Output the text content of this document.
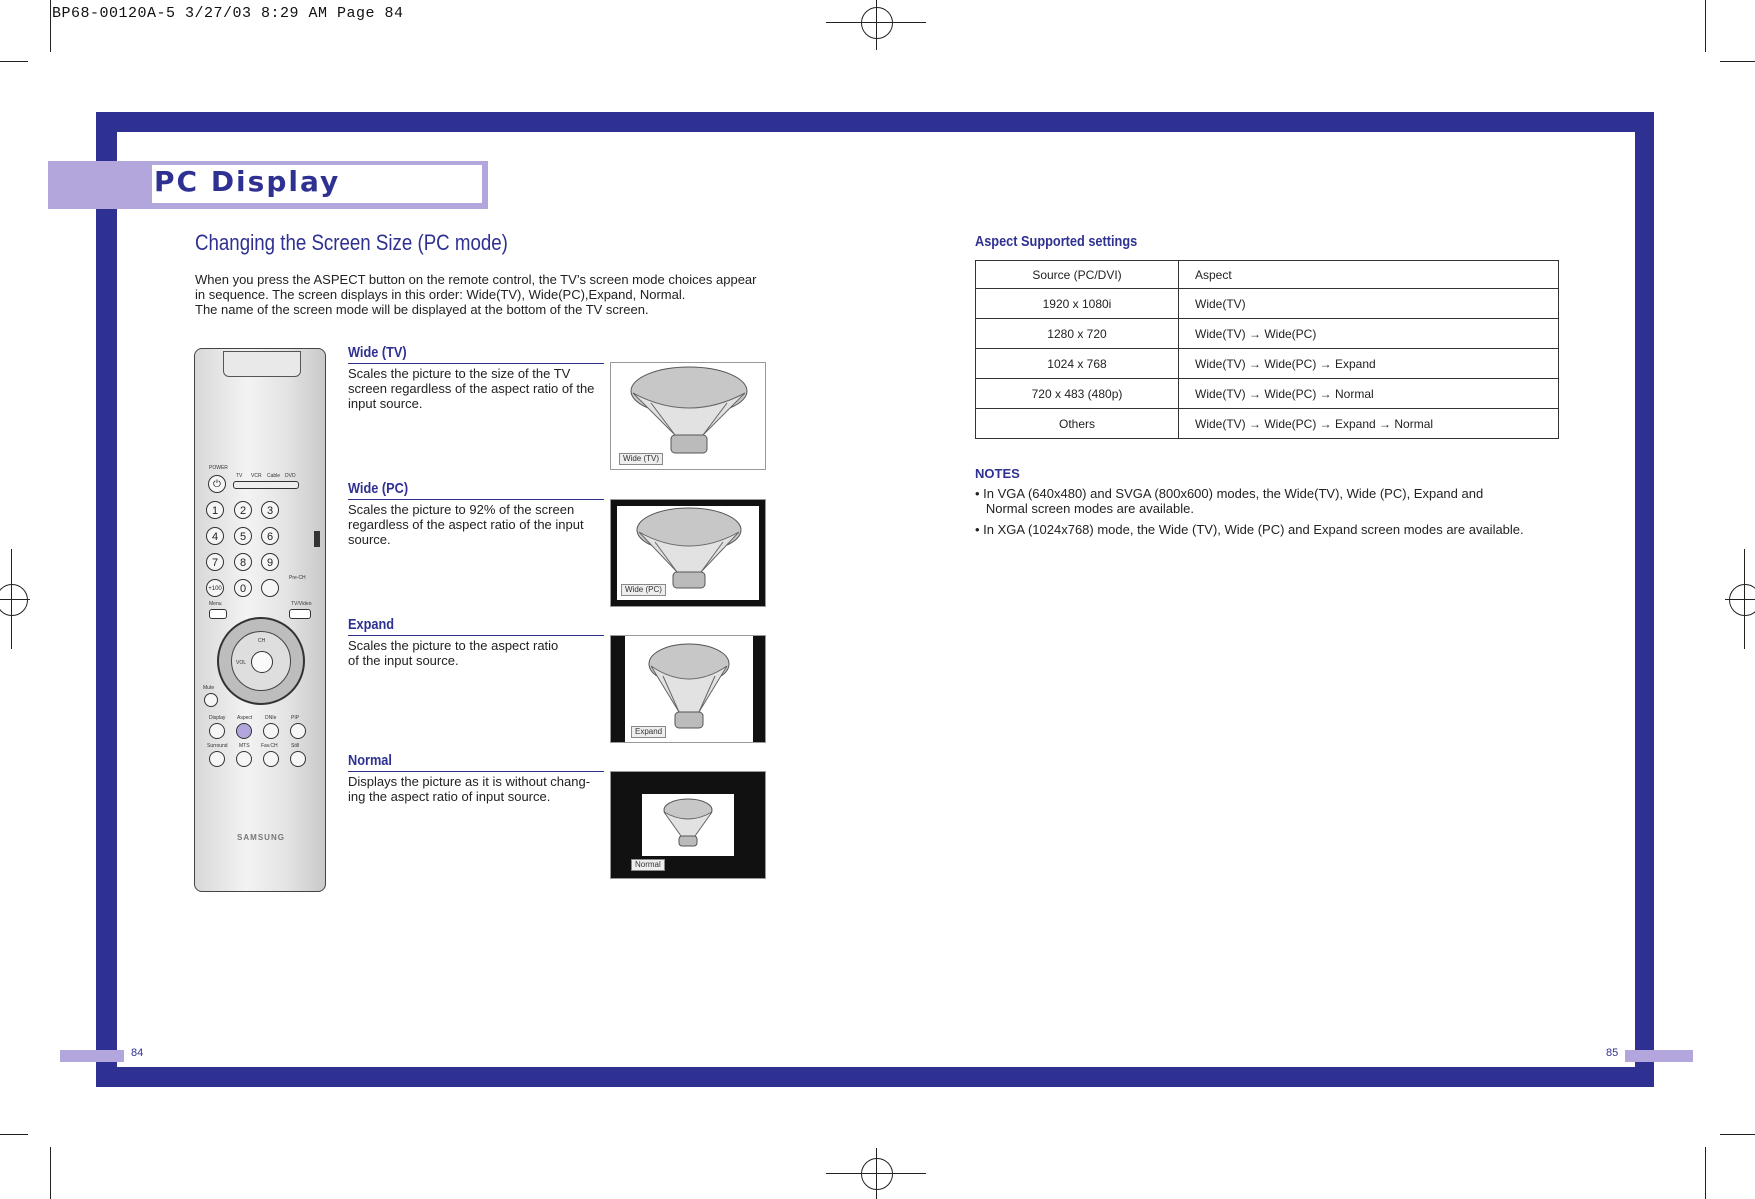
BP68-00120A-5 3/27/03 8:29 AM Page 84
PC Display
Changing the Screen Size (PC mode)
When you press the ASPECT button on the remote control, the TV’s screen mode choices appear
in sequence. The screen displays in this order: Wide(TV), Wide(PC),Expand, Normal.
The name of the screen mode will be displayed at the bottom of the TV screen.
POWER
⏻
TV VCR Cable DVD
1	2	3
4	5	6
7	8	9
+100	0
Pre-CH
Menu	TV/Video
CH
VOL
Mute
Display Aspect	DNIe	PIP
Surround MTS Fav.CH	Still
SAMSUNG
Wide (TV)
Scales the picture to the size of the TV
screen regardless of the aspect ratio of the
input source.
Wide (TV)
Wide (PC)
Scales the picture to 92% of the screen
regardless of the aspect ratio of the input
source.
Wide (PC)
Expand
Scales the picture to the aspect ratio
of the input source.
Expand
Normal
Displays the picture as it is without chang-
ing the aspect ratio of input source.
Normal
Aspect Supported settings
Source (PC/DVI)	Aspect
1920 x 1080i	Wide(TV)
1280 x 720	Wide(TV) → Wide(PC)
1024 x 768	Wide(TV) → Wide(PC) → Expand
720 x 483 (480p)	Wide(TV) → Wide(PC) → Normal
Others	Wide(TV) → Wide(PC) → Expand → Normal
NOTES
• In VGA (640x480) and SVGA (800x600) modes, the Wide(TV), Wide (PC), Expand and
Normal screen modes are available.
• In XGA (1024x768) mode, the Wide (TV), Wide (PC) and Expand screen modes are available.
84	85
